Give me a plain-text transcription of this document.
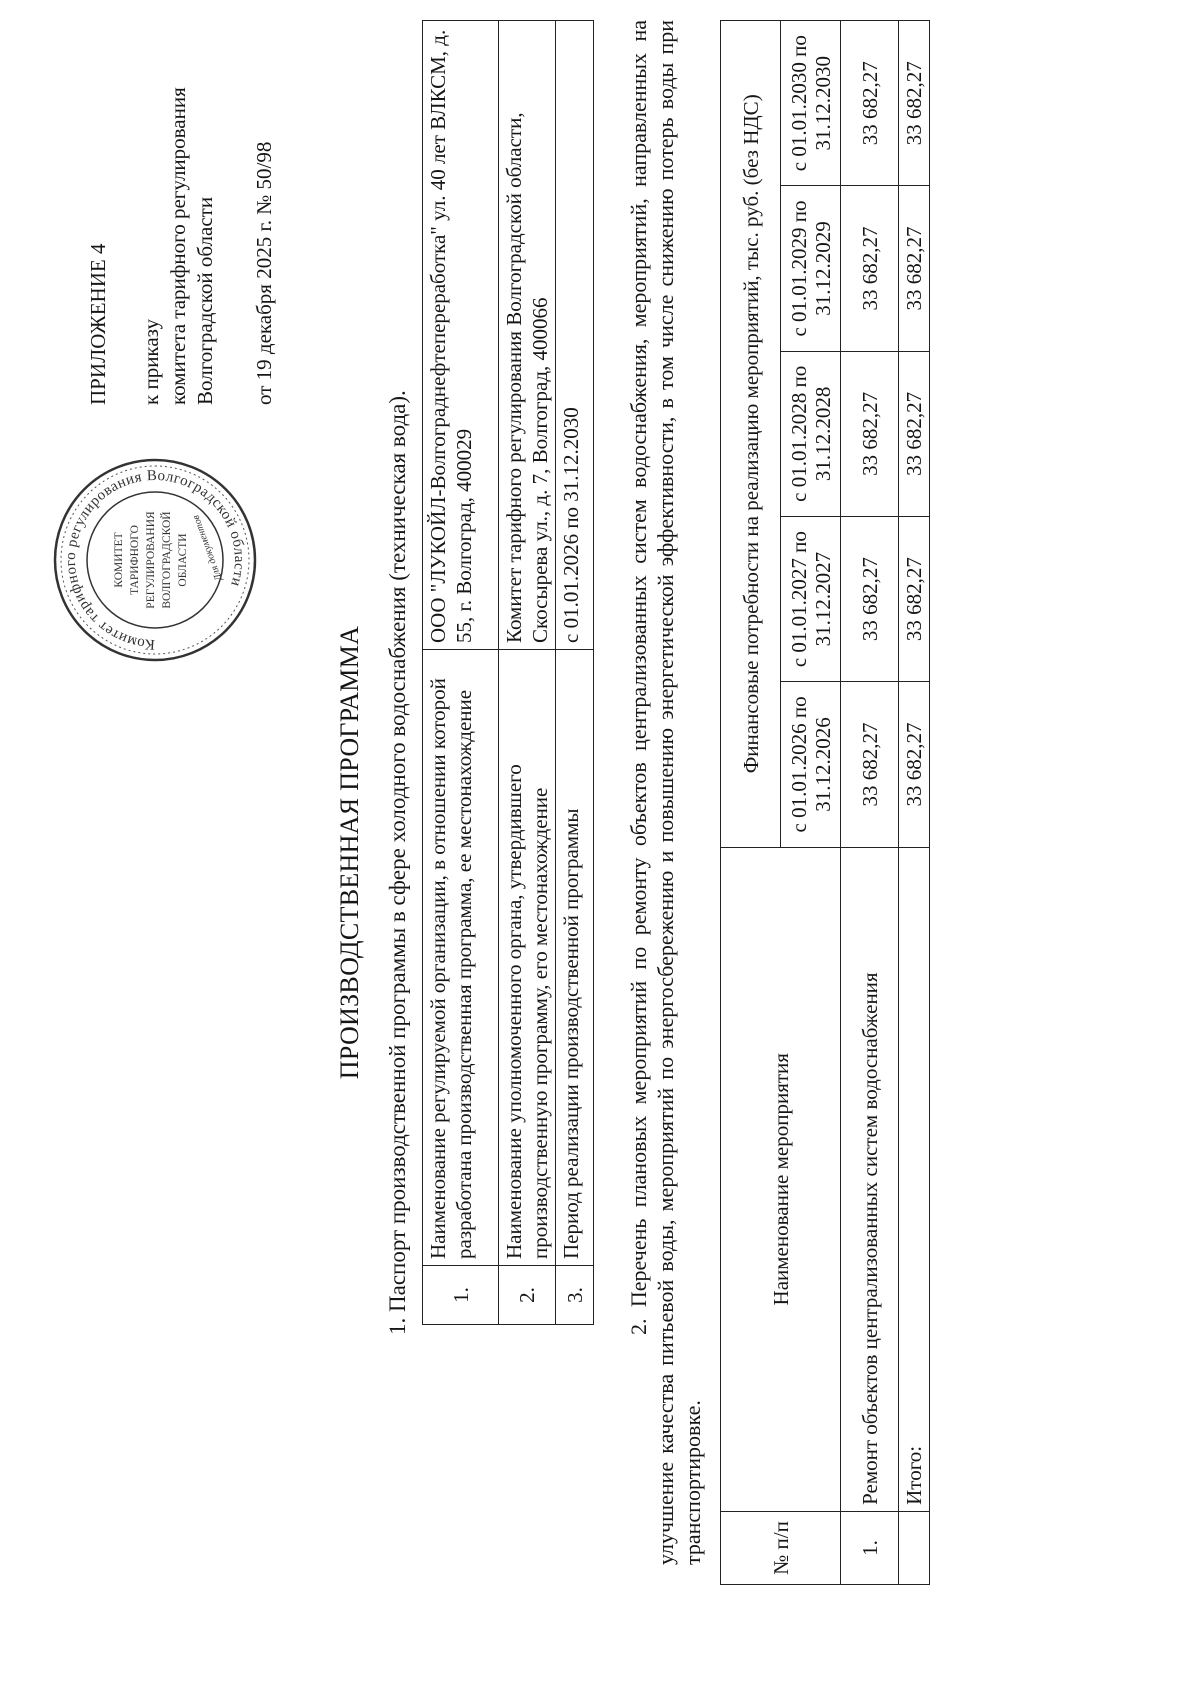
Комитет тарифного регулирования Волгоградской области
КОМИТЕТ ТАРИФНОГО РЕГУЛИРОВАНИЯ ВОЛГОГРАДСКОЙ ОБЛАСТИ Для документов
ПРИЛОЖЕНИЕ 4 к приказу комитета тарифного регулирования Волгоградской области от 19 декабря 2025 г. № 50/98
ПРОИЗВОДСТВЕННАЯ ПРОГРАММА 1. Паспорт производственной программы в сфере холодного водоснабжения (техническая вода). 1.	Наименование регулируемой организации, в отношении которой разработана производственная программа, ее местонахождение	ООО "ЛУКОЙЛ-Волгограднефтепереработка" ул. 40 лет ВЛКСМ, д. 55, г. Волгоград, 400029
2.	Наименование уполномоченного органа, утвердившего производственную программу, его местонахождение	Комитет тарифного регулирования Волгоградской области, Скосырева ул., д. 7, Волгоград, 400066
3.	Период реализации производственной программы	с 01.01.2026 по 31.12.2030 2. Перечень плановых мероприятий по ремонту объектов централизованных систем водоснабжения, мероприятий, направленных на улучшение качества питьевой воды, мероприятий по энергосбережению и повышению энергетической эффективности, в том числе снижению потерь воды при транспортировке.	№ п/п	Наименование мероприятия	Финансовые потребности на реализацию мероприятий, тыс. руб. (без НДС)				
		с 01.01.2026 по 31.12.2026	с 01.01.2027 по 31.12.2027	с 01.01.2028 по 31.12.2028	с 01.01.2029 по 31.12.2029	с 01.01.2030 по 31.12.2030
1.	Ремонт объектов централизованных систем водоснабжения	33 682,27	33 682,27	33 682,27	33 682,27	33 682,27
	Итого:	33 682,27	33 682,27	33 682,27	33 682,27	33 682,27
